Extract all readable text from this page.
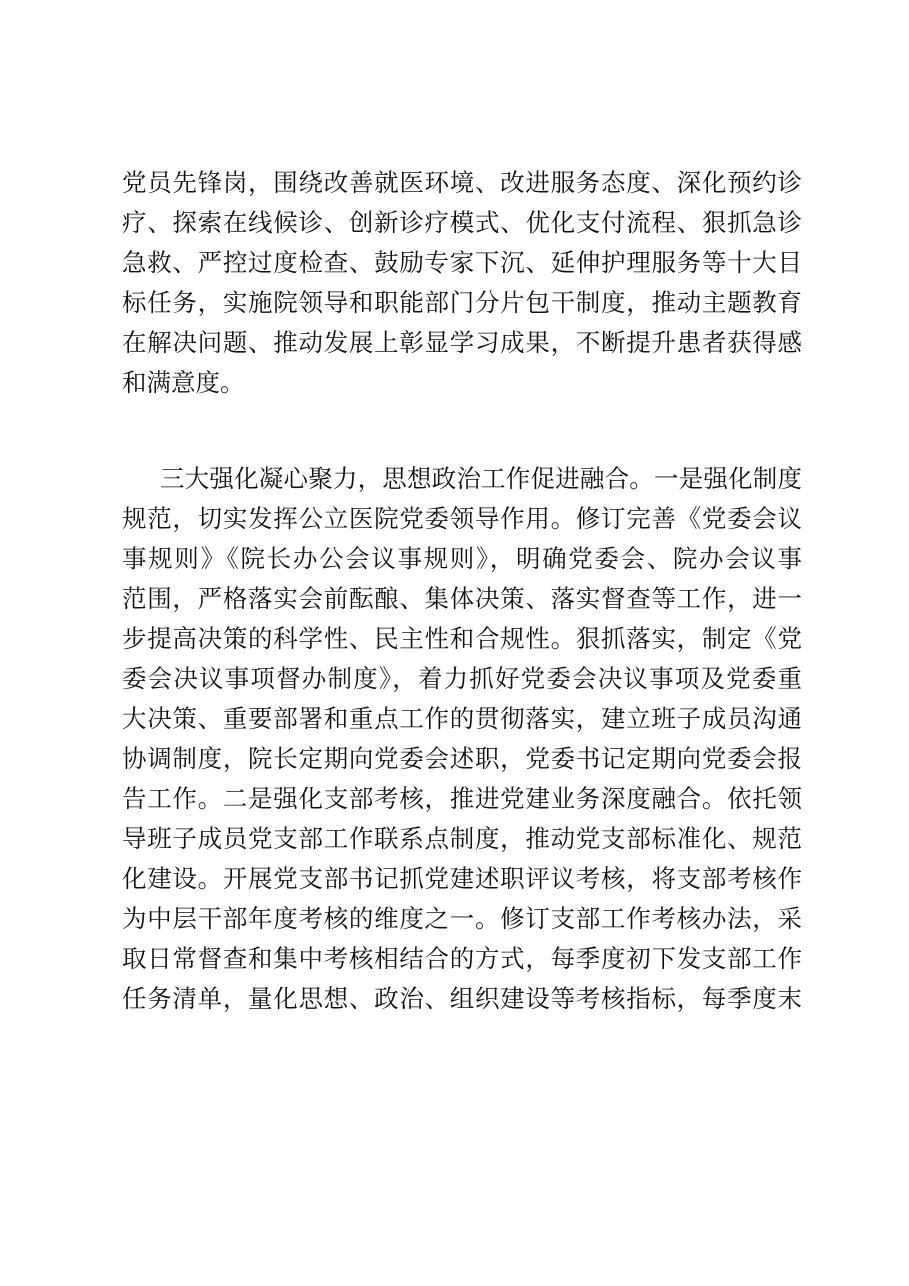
党员先锋岗，围绕改善就医环境、改进服务态度、深化预约诊
疗、探索在线候诊、创新诊疗模式、优化支付流程、狠抓急诊
急救、严控过度检查、鼓励专家下沉、延伸护理服务等十大目
标任务，实施院领导和职能部门分片包干制度，推动主题教育
在解决问题、推动发展上彰显学习成果，不断提升患者获得感
和满意度。
三大强化凝心聚力，思想政治工作促进融合。一是强化制度
规范，切实发挥公立医院党委领导作用。修订完善《党委会议
事规则》《院长办公会议事规则》，明确党委会、院办会议事
范围，严格落实会前酝酿、集体决策、落实督查等工作，进一
步提高决策的科学性、民主性和合规性。狠抓落实，制定《党
委会决议事项督办制度》，着力抓好党委会决议事项及党委重
大决策、重要部署和重点工作的贯彻落实，建立班子成员沟通
协调制度，院长定期向党委会述职，党委书记定期向党委会报
告工作。二是强化支部考核，推进党建业务深度融合。依托领
导班子成员党支部工作联系点制度，推动党支部标准化、规范
化建设。开展党支部书记抓党建述职评议考核，将支部考核作
为中层干部年度考核的维度之一。修订支部工作考核办法，采
取日常督查和集中考核相结合的方式，每季度初下发支部工作
任务清单，量化思想、政治、组织建设等考核指标，每季度末
